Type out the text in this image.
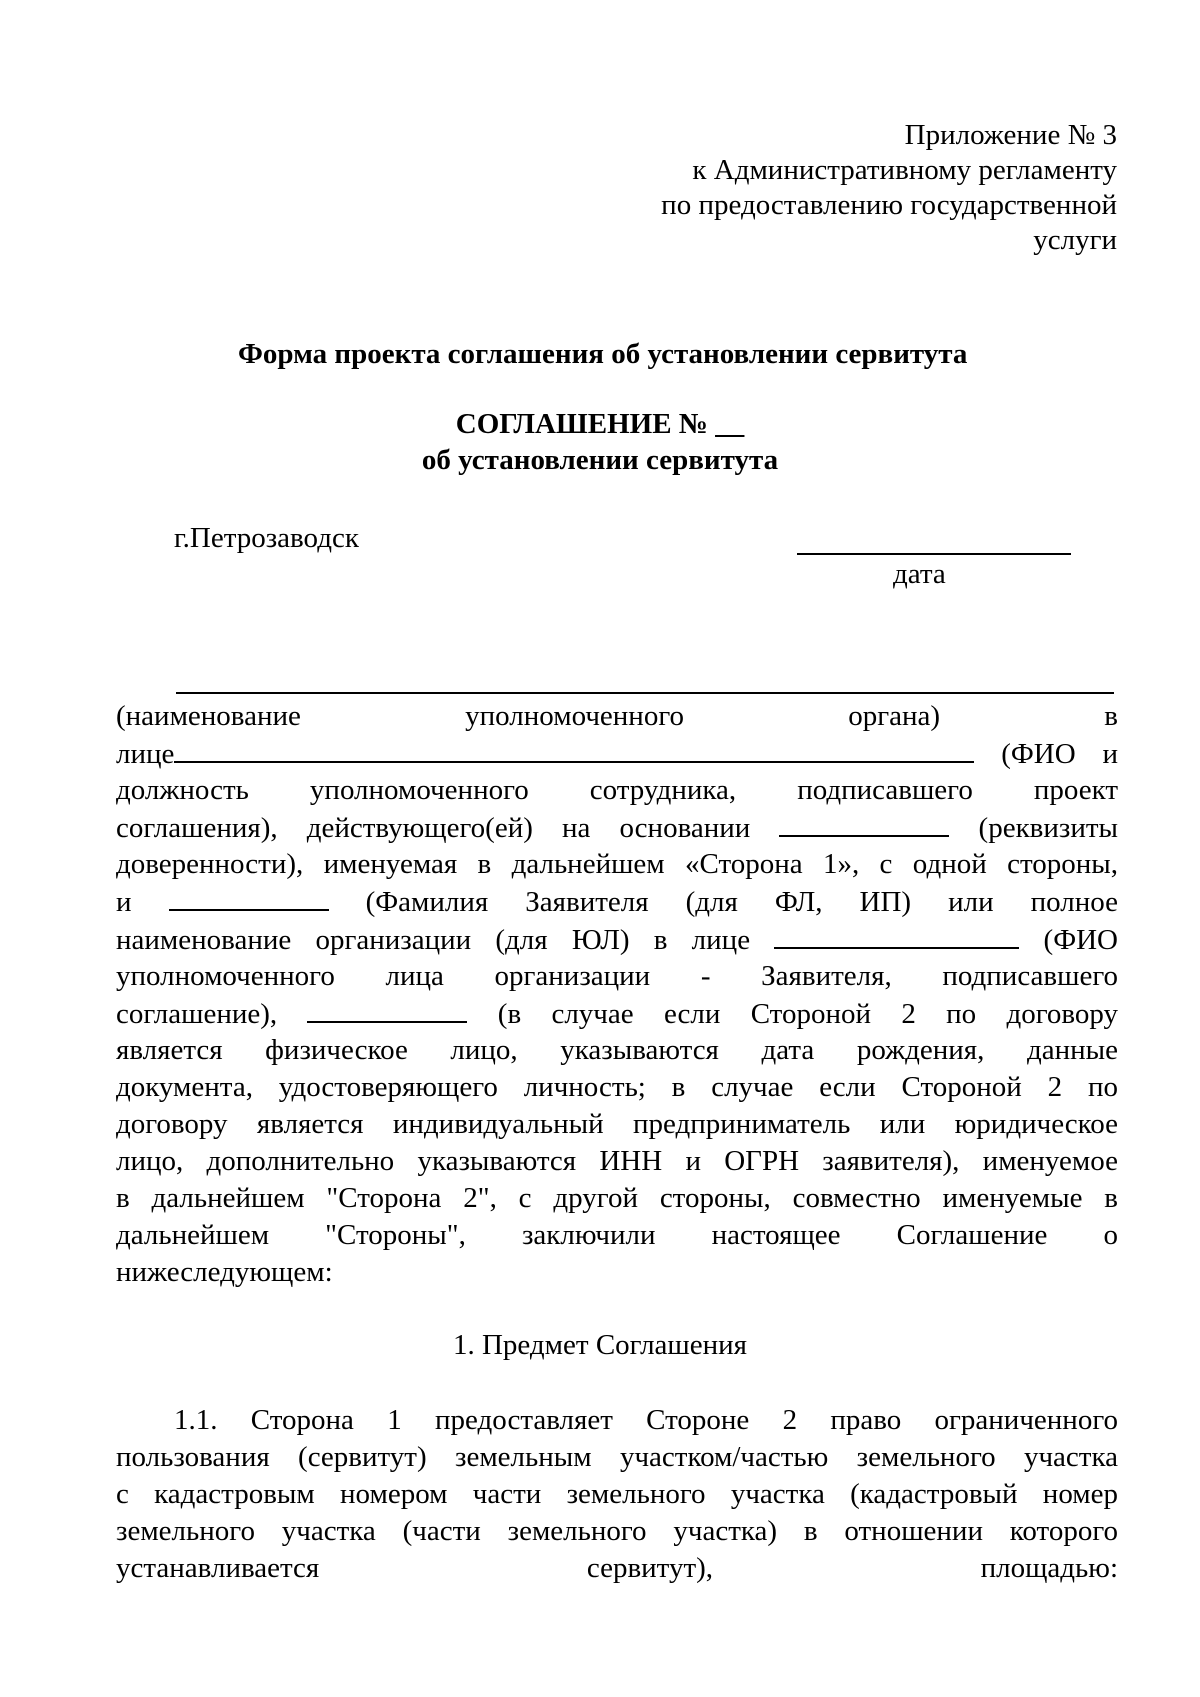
Приложение № 3
к Административному регламенту
по предоставлению государственной
услуги
Форма проекта соглашения об установлении сервитута
СОГЛАШЕНИЕ № __
об установлении сервитута
г.Петрозаводск
дата
(наименование	уполномоченного	органа)	в
лице	(ФИО и
должность уполномоченного сотрудника, подписавшего проект
соглашения), действующего(ей) на основании	(реквизиты
доверенности), именуемая в дальнейшем «Сторона 1», с одной стороны,
и	(Фамилия Заявителя (для ФЛ, ИП) или полное
наименование организации (для ЮЛ) в лице	(ФИО
уполномоченного лица организации - Заявителя, подписавшего
соглашение),	(в случае если Стороной 2 по договору
является физическое лицо, указываются дата рождения, данные
документа, удостоверяющего личность; в случае если Стороной 2 по
договору является индивидуальный предприниматель или юридическое
лицо, дополнительно указываются ИНН и ОГРН заявителя), именуемое
в дальнейшем "Сторона 2", с другой стороны, совместно именуемые в
дальнейшем "Стороны", заключили настоящее Соглашение о
нижеследующем:
1. Предмет Соглашения
1.1. Сторона 1 предоставляет Стороне 2 право ограниченного
пользования (сервитут) земельным участком/частью земельного участка
с кадастровым номером части земельного участка (кадастровый номер
земельного участка (части земельного участка) в отношении которого
устанавливается	сервитут),	площадью:
